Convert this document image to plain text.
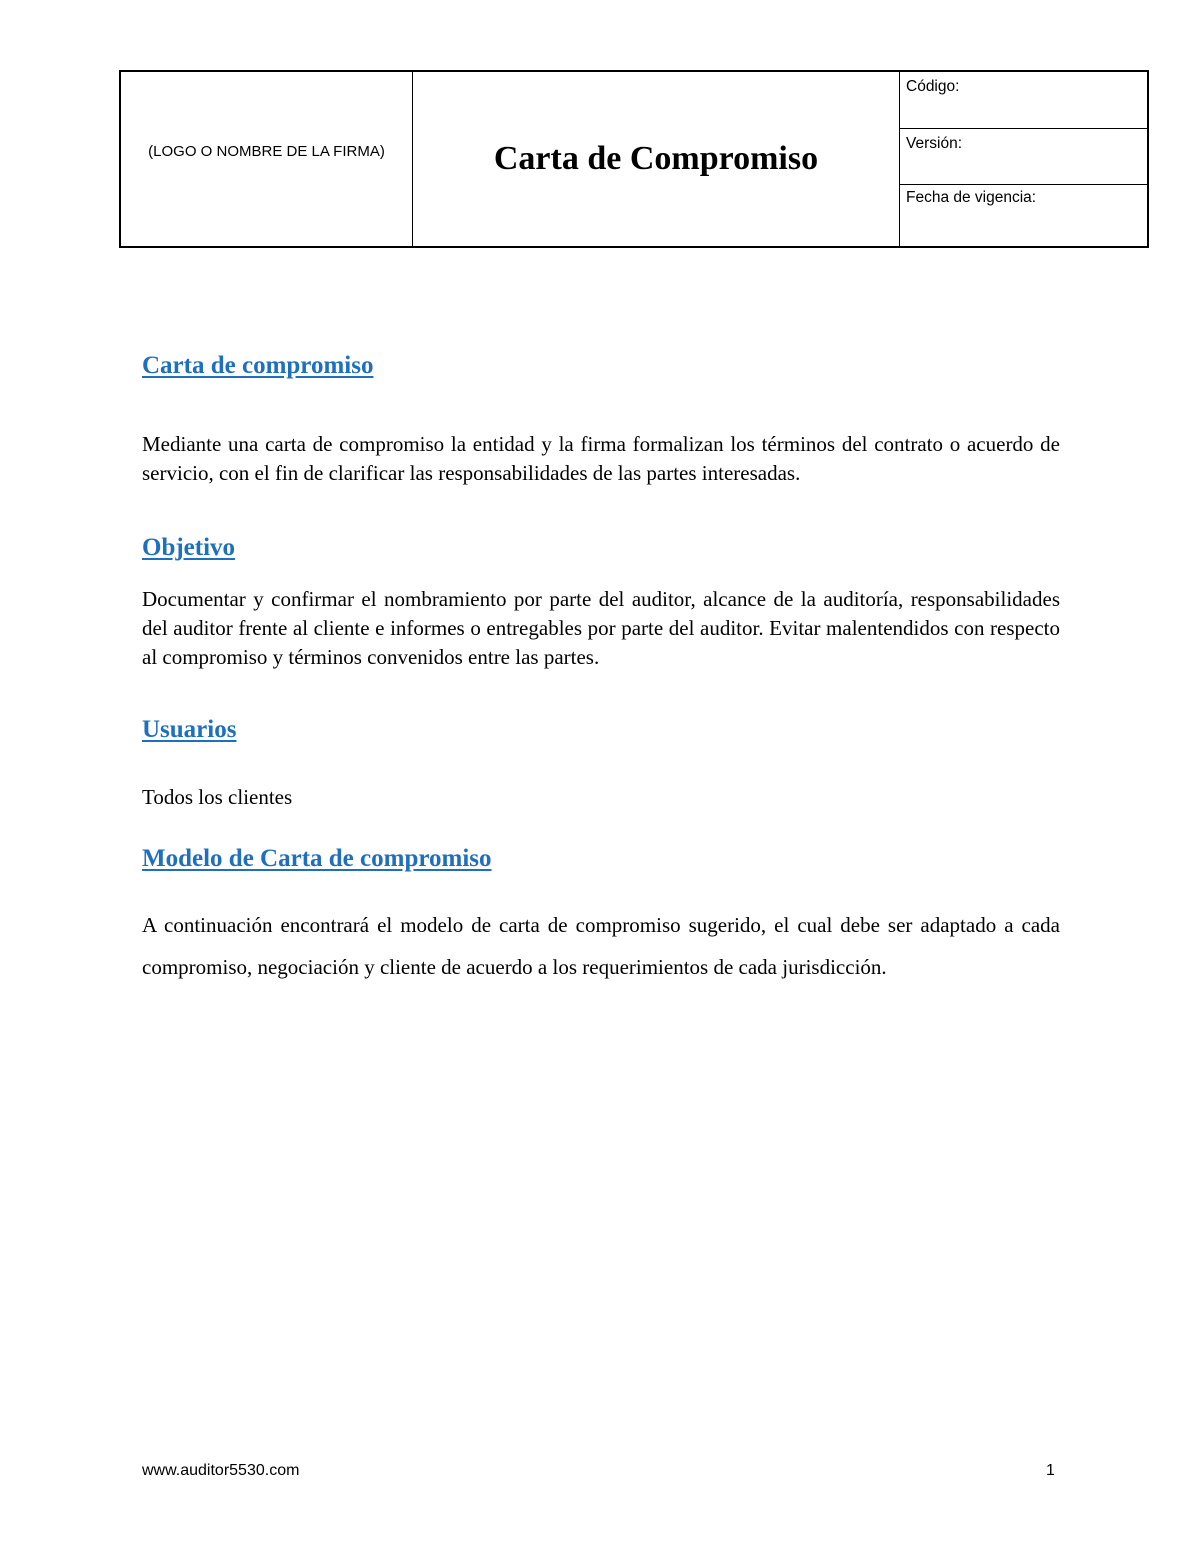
(LOGO O NOMBRE DE LA FIRMA)	Carta de Compromiso
Código:
Versión:
Fecha de vigencia:
Carta de compromiso
Mediante una carta de compromiso la entidad y la firma formalizan los términos del contrato o acuerdo de servicio, con el fin de clarificar las responsabilidades de las partes interesadas.
Objetivo
Documentar y confirmar el nombramiento por parte del auditor, alcance de la auditoría, responsabilidades del auditor frente al cliente e informes o entregables por parte del auditor. Evitar malentendidos con respecto al compromiso y términos convenidos entre las partes.
Usuarios
Todos los clientes
Modelo de Carta de compromiso
A continuación encontrará el modelo de carta de compromiso sugerido, el cual debe ser adaptado a cada compromiso, negociación y cliente de acuerdo a los requerimientos de cada jurisdicción.
www.auditor5530.com	1
